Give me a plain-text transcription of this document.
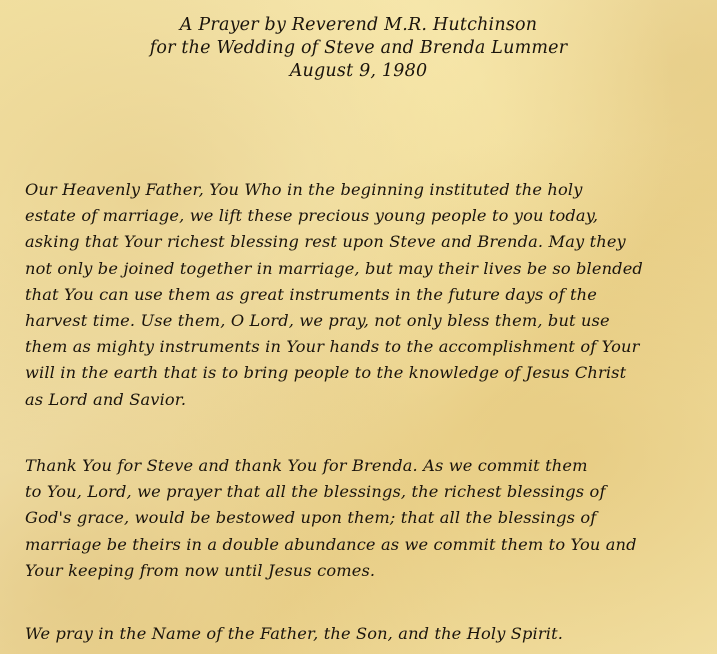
A Prayer by Reverend M.R. Hutchinson
for the Wedding of Steve and Brenda Lummer
August 9, 1980
Our Heavenly Father, You Who in the beginning instituted the holy
estate of marriage, we lift these precious young people to you today,
asking that Your richest blessing rest upon Steve and Brenda. May they
not only be joined together in marriage, but may their lives be so blended
that You can use them as great instruments in the future days of the
harvest time. Use them, O Lord, we pray, not only bless them, but use
them as mighty instruments in Your hands to the accomplishment of Your
will in the earth that is to bring people to the knowledge of Jesus Christ
as Lord and Savior.
Thank You for Steve and thank You for Brenda. As we commit them
to You, Lord, we prayer that all the blessings, the richest blessings of
God's grace, would be bestowed upon them; that all the blessings of
marriage be theirs in a double abundance as we commit them to You and
Your keeping from now until Jesus comes.
We pray in the Name of the Father, the Son, and the Holy Spirit.
